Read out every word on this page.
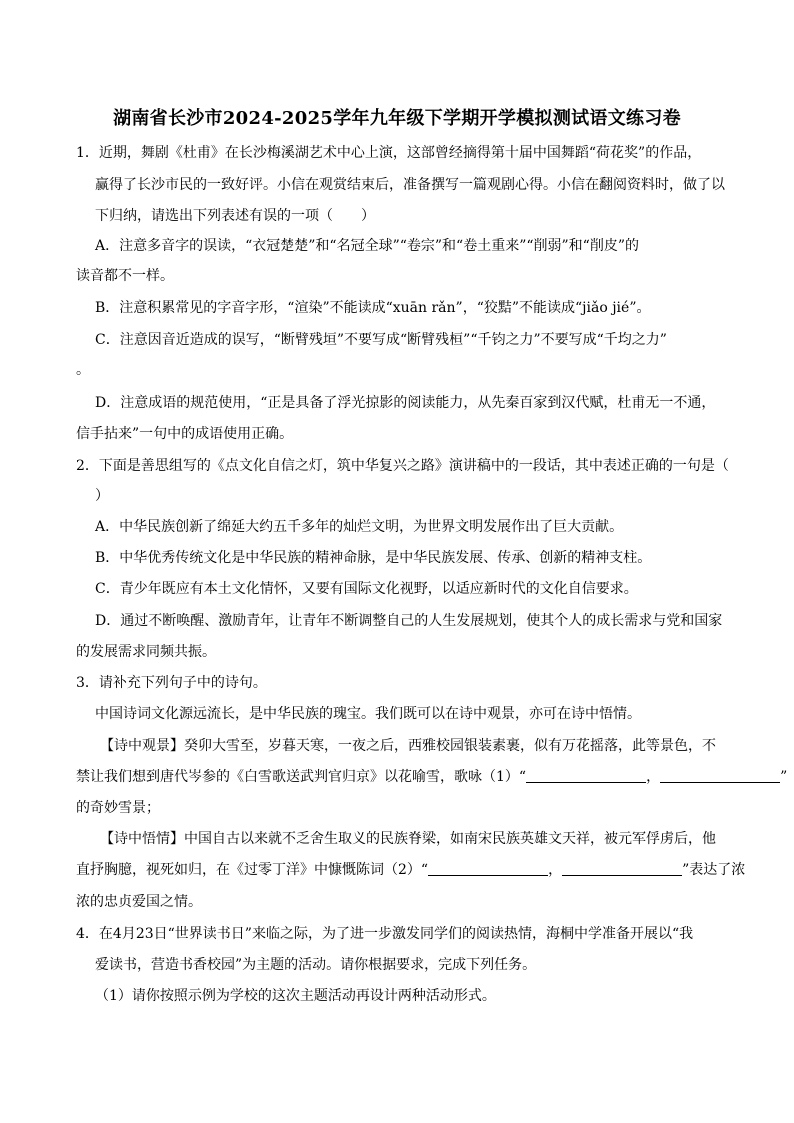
湖南省长沙市2024-2025学年九年级下学期开学模拟测试语文练习卷
1．近期，舞剧《杜甫》在长沙梅溪湖艺术中心上演，这部曾经摘得第十届中国舞蹈“荷花奖”的作品，
赢得了长沙市民的一致好评。小信在观赏结束后，准备撰写一篇观剧心得。小信在翻阅资料时，做了以
下归纳，请选出下列表述有误的一项（　　）
A．注意多音字的误读，“衣冠楚楚”和“名冠全球”“卷宗”和“卷土重来”“削弱”和“削皮”的
读音都不一样。
B．注意积累常见的字音字形，“渲染”不能读成“xuān rǎn”，“狡黠”不能读成“jiǎo jié”。
C．注意因音近造成的误写，“断臂残垣”不要写成“断臂残桓”“千钧之力”不要写成“千均之力”
。
D．注意成语的规范使用，“正是具备了浮光掠影的阅读能力，从先秦百家到汉代赋，杜甫无一不通，
信手拈来”一句中的成语使用正确。
2．下面是善思组写的《点文化自信之灯，筑中华复兴之路》演讲稿中的一段话，其中表述正确的一句是（
）
A．中华民族创新了绵延大约五千多年的灿烂文明，为世界文明发展作出了巨大贡献。
B．中华优秀传统文化是中华民族的精神命脉，是中华民族发展、传承、创新的精神支柱。
C．青少年既应有本土文化情怀，又要有国际文化视野，以适应新时代的文化自信要求。
D．通过不断唤醒、激励青年，让青年不断调整自己的人生发展规划，使其个人的成长需求与党和国家
的发展需求同频共振。
3．请补充下列句子中的诗句。
中国诗词文化源远流长，是中华民族的瑰宝。我们既可以在诗中观景，亦可在诗中悟情。
【诗中观景】癸卯大雪至，岁暮天寒，一夜之后，西雅校园银装素裹，似有万花摇落，此等景色，不
禁让我们想到唐代岑参的《白雪歌送武判官归京》以花喻雪，歌咏（1）“	，	”
的奇妙雪景；
【诗中悟情】中国自古以来就不乏舍生取义的民族脊梁，如南宋民族英雄文天祥，被元军俘虏后，他
直抒胸臆，视死如归，在《过零丁洋》中慷慨陈词（2）“	，	”表达了浓
浓的忠贞爱国之情。
4．在4月23日“世界读书日”来临之际，为了进一步激发同学们的阅读热情，海桐中学准备开展以“我
爱读书，营造书香校园”为主题的活动。请你根据要求，完成下列任务。
（1）请你按照示例为学校的这次主题活动再设计两种活动形式。
